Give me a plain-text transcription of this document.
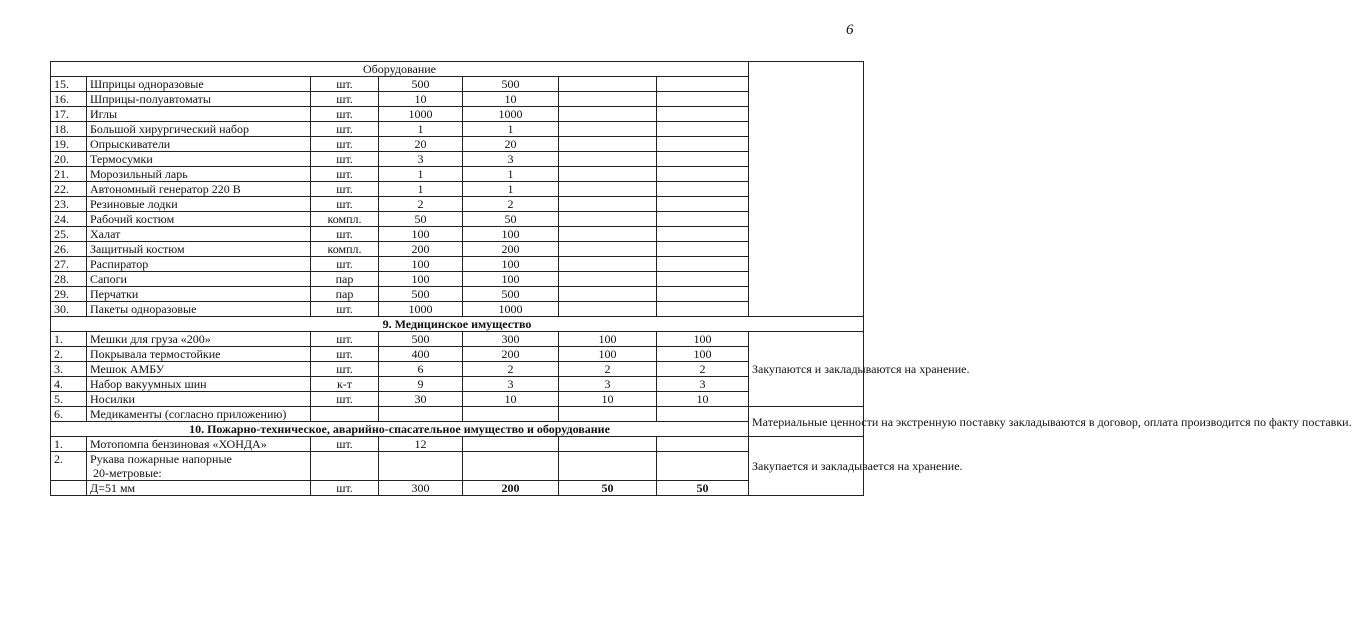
6
Оборудование							
15.	Шприцы одноразовые	шт.	500	500			
16.	Шприцы-полуавтоматы	шт.	10	10			
17.	Иглы	шт.	1000	1000			
18.	Большой хирургический набор	шт.	1	1			
19.	Опрыскиватели	шт.	20	20			
20.	Термосумки	шт.	3	3			
21.	Морозильный ларь	шт.	1	1			
22.	Автономный генератор 220 В	шт.	1	1			
23.	Резиновые лодки	шт.	2	2			
24.	Рабочий костюм	компл.	50	50			
25.	Халат	шт.	100	100			
26.	Защитный костюм	компл.	200	200			
27.	Распиратор	шт.	100	100			
28.	Сапоги	пар	100	100			
29.	Перчатки	пар	500	500			
30.	Пакеты одноразовые	шт.	1000	1000			
9. Медицинское имущество							
1.	Мешки для груза «200»	шт.	500	300	100	100	Закупаются и закладываются на хранение.
2.	Покрывала термостойкие	шт.	400	200	100	100	
3.	Мешок АМБУ	шт.	6	2	2	2	
4.	Набор вакуумных шин	к-т	9	3	3	3	
5.	Носилки	шт.	30	10	10	10	
6.	Медикаменты (согласно приложению)						Материальные ценности на экстренную поставку закладываются в договор, оплата производится по факту поставки.
10. Пожарно-техническое, аварийно-спасательное имущество и оборудование							
1.	Мотопомпа бензиновая «ХОНДА»	шт.	12				Закупается и закладывается на хранение.
2.	Рукава пожарные напорные
20-метровые:						

	Д=51 мм	шт.	300	200	50	50	
